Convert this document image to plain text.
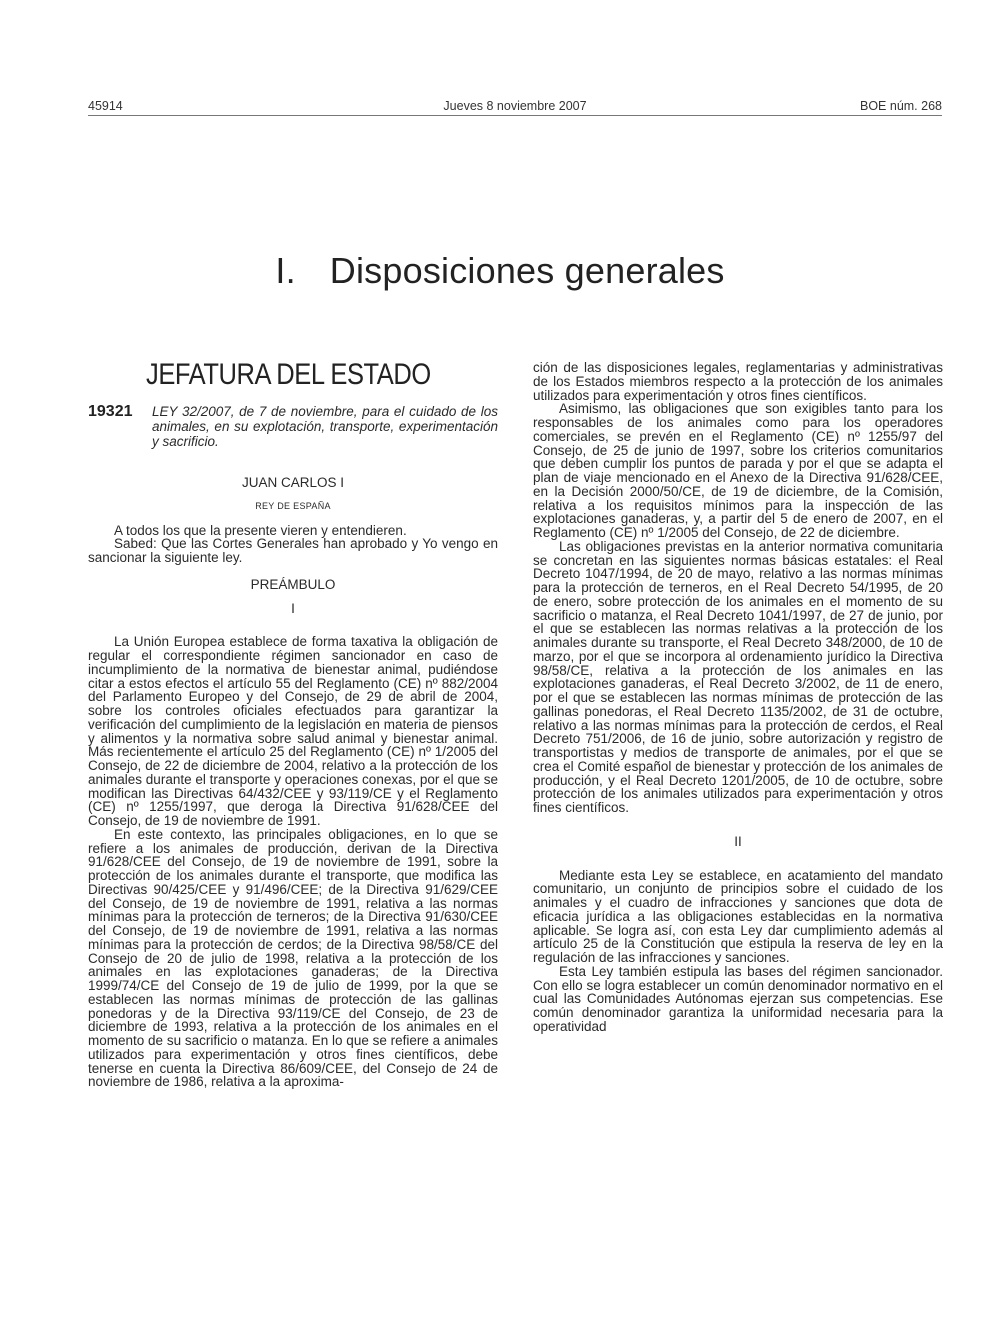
45914	Jueves 8 noviembre 2007	BOE núm. 268
I. Disposiciones generales
JEFATURA DEL ESTADO
19321	LEY 32/2007, de 7 de noviembre, para el cuidado de los animales, en su explotación, transporte, experimentación y sacrificio.
JUAN CARLOS I
REY DE ESPAÑA

A todos los que la presente vieren y entendieren.

Sabed: Que las Cortes Generales han aprobado y Yo vengo en sancionar la siguiente ley.

PREÁMBULO
I

La Unión Europea establece de forma taxativa la obligación de regular el correspondiente régimen sancionador en caso de incumplimiento de la normativa de bienestar animal, pudiéndose citar a estos efectos el artículo 55 del Reglamento (CE) nº 882/2004 del Parlamento Europeo y del Consejo, de 29 de abril de 2004, sobre los controles oficiales efectuados para garantizar la verificación del cumplimiento de la legislación en materia de piensos y alimentos y la normativa sobre salud animal y bienestar animal. Más recientemente el artículo 25 del Reglamento (CE) nº 1/2005 del Consejo, de 22 de diciembre de 2004, relativo a la protección de los animales durante el transporte y operaciones conexas, por el que se modifican las Directivas 64/432/CEE y 93/119/CE y el Reglamento (CE) nº 1255/1997, que deroga la Directiva 91/628/CEE del Consejo, de 19 de noviembre de 1991.

En este contexto, las principales obligaciones, en lo que se refiere a los animales de producción, derivan de la Directiva 91/628/CEE del Consejo, de 19 de noviembre de 1991, sobre la protección de los animales durante el transporte, que modifica las Directivas 90/425/CEE y 91/496/CEE; de la Directiva 91/629/CEE del Consejo, de 19 de noviembre de 1991, relativa a las normas mínimas para la protección de terneros; de la Directiva 91/630/CEE del Consejo, de 19 de noviembre de 1991, relativa a las normas mínimas para la protección de cerdos; de la Directiva 98/58/CE del Consejo de 20 de julio de 1998, relativa a la protección de los animales en las explotaciones ganaderas; de la Directiva 1999/74/CE del Consejo de 19 de julio de 1999, por la que se establecen las normas mínimas de protección de las gallinas ponedoras y de la Directiva 93/119/CE del Consejo, de 23 de diciembre de 1993, relativa a la protección de los animales en el momento de su sacrificio o matanza. En lo que se refiere a animales utilizados para experimentación y otros fines científicos, debe tenerse en cuenta la Directiva 86/609/CEE, del Consejo de 24 de noviembre de 1986, relativa a la aproxima-

ción de las disposiciones legales, reglamentarias y administrativas de los Estados miembros respecto a la protección de los animales utilizados para experimentación y otros fines científicos.

Asimismo, las obligaciones que son exigibles tanto para los responsables de los animales como para los operadores comerciales, se prevén en el Reglamento (CE) nº 1255/97 del Consejo, de 25 de junio de 1997, sobre los criterios comunitarios que deben cumplir los puntos de parada y por el que se adapta el plan de viaje mencionado en el Anexo de la Directiva 91/628/CEE, en la Decisión 2000/50/CE, de 19 de diciembre, de la Comisión, relativa a los requisitos mínimos para la inspección de las explotaciones ganaderas, y, a partir del 5 de enero de 2007, en el Reglamento (CE) nº 1/2005 del Consejo, de 22 de diciembre.

Las obligaciones previstas en la anterior normativa comunitaria se concretan en las siguientes normas básicas estatales: el Real Decreto 1047/1994, de 20 de mayo, relativo a las normas mínimas para la protección de terneros, en el Real Decreto 54/1995, de 20 de enero, sobre protección de los animales en el momento de su sacrificio o matanza, el Real Decreto 1041/1997, de 27 de junio, por el que se establecen las normas relativas a la protección de los animales durante su transporte, el Real Decreto 348/2000, de 10 de marzo, por el que se incorpora al ordenamiento jurídico la Directiva 98/58/CE, relativa a la protección de los animales en las explotaciones ganaderas, el Real Decreto 3/2002, de 11 de enero, por el que se establecen las normas mínimas de protección de las gallinas ponedoras, el Real Decreto 1135/2002, de 31 de octubre, relativo a las normas mínimas para la protección de cerdos, el Real Decreto 751/2006, de 16 de junio, sobre autorización y registro de transportistas y medios de transporte de animales, por el que se crea el Comité español de bienestar y protección de los animales de producción, y el Real Decreto 1201/2005, de 10 de octubre, sobre protección de los animales utilizados para experimentación y otros fines científicos.

II

Mediante esta Ley se establece, en acatamiento del mandato comunitario, un conjunto de principios sobre el cuidado de los animales y el cuadro de infracciones y sanciones que dota de eficacia jurídica a las obligaciones establecidas en la normativa aplicable. Se logra así, con esta Ley dar cumplimiento además al artículo 25 de la Constitución que estipula la reserva de ley en la regulación de las infracciones y sanciones.

Esta Ley también estipula las bases del régimen sancionador. Con ello se logra establecer un común denominador normativo en el cual las Comunidades Autónomas ejerzan sus competencias. Ese común denominador garantiza la uniformidad necesaria para la operatividad
